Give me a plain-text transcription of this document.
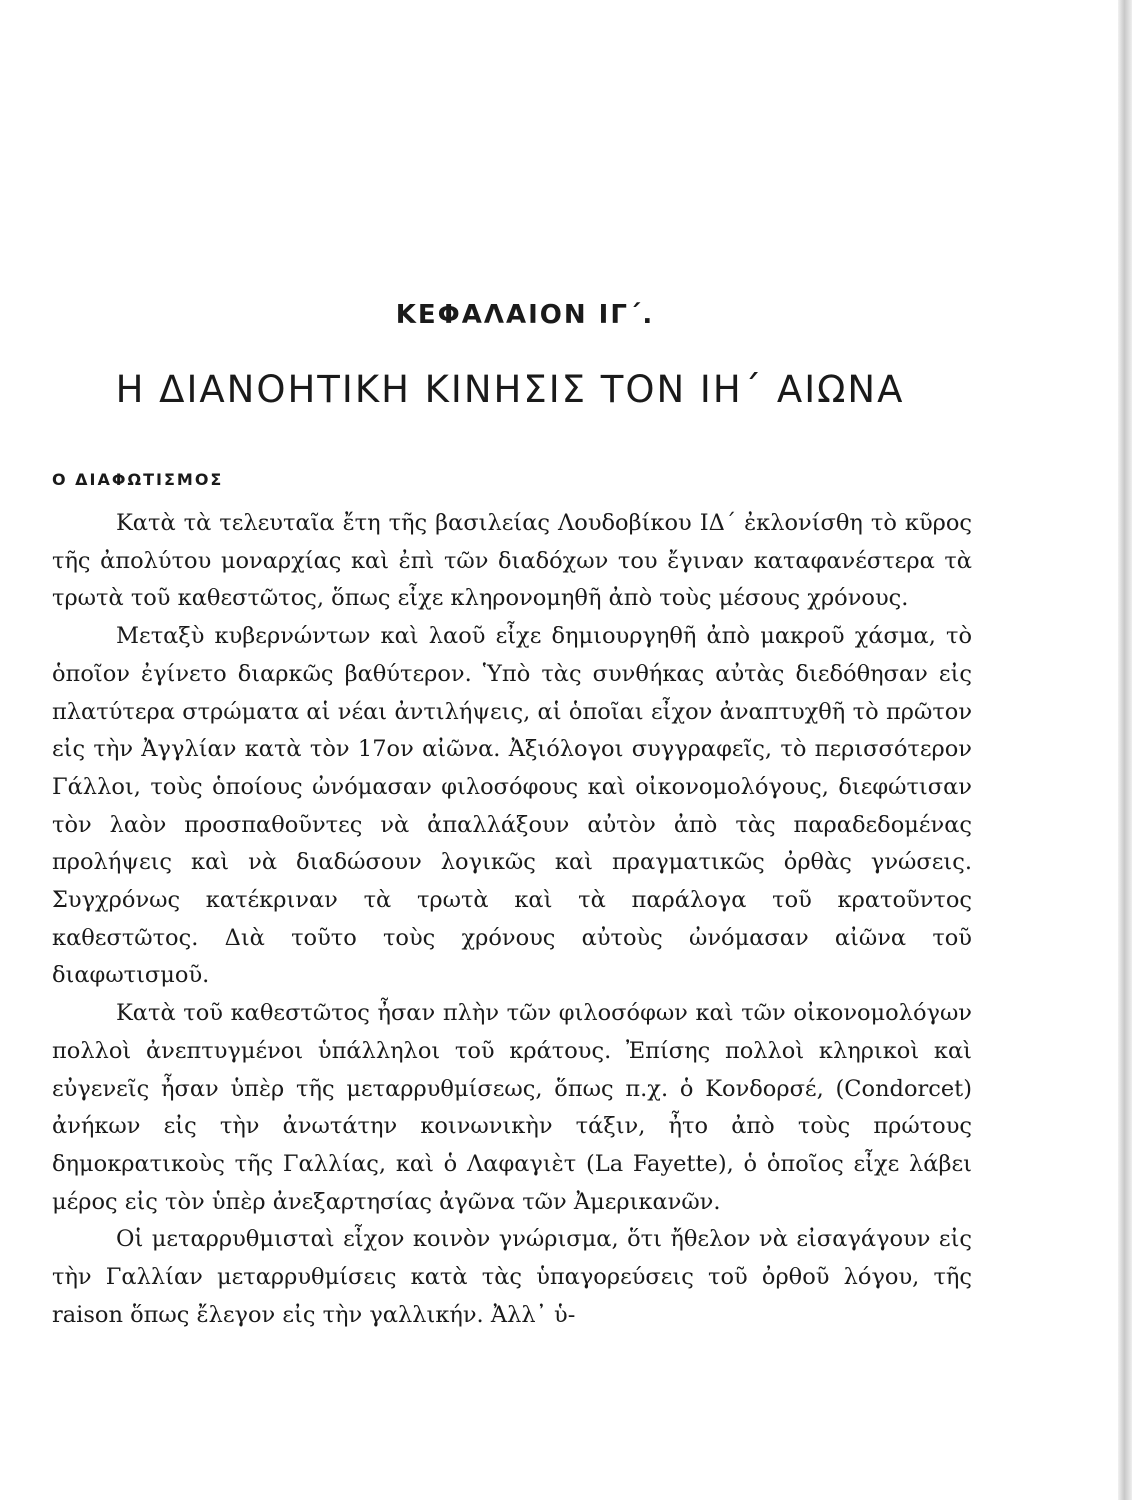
ΚΕΦΑΛΑΙΟΝ ΙΓ΄.
Η ΔΙΑΝΟΗΤΙΚΗ ΚΙΝΗΣΙΣ ΤΟΝ ΙΗ΄ ΑΙΩΝΑ
Ο ΔΙΑΦΩΤΙΣΜΟΣ

Κατὰ τὰ τελευταῖα ἔτη τῆς βασιλείας Λουδοβίκου ΙΔ΄ ἐκλονίσθη τὸ κῦρος τῆς ἀπολύτου μοναρχίας καὶ ἐπὶ τῶν διαδόχων του ἔγιναν καταφανέστερα τὰ τρωτὰ τοῦ καθεστῶτος, ὅπως εἶχε κληρονομηθῆ ἀπὸ τοὺς μέσους χρόνους.

Μεταξὺ κυβερνώντων καὶ λαοῦ εἶχε δημιουργηθῆ ἀπὸ μακροῦ χάσμα, τὸ ὁποῖον ἐγίνετο διαρκῶς βαθύτερον. Ὑπὸ τὰς συνθήκας αὐτὰς διεδόθησαν εἰς πλατύτερα στρώματα αἱ νέαι ἀντιλήψεις, αἱ ὁποῖαι εἶχον ἀναπτυχθῆ τὸ πρῶτον εἰς τὴν Ἀγγλίαν κατὰ τὸν 17ον αἰῶνα. Ἀξιόλογοι συγγραφεῖς, τὸ περισσότερον Γάλλοι, τοὺς ὁποίους ὠνόμασαν φιλοσόφους καὶ οἰκονομολόγους, διεφώτισαν τὸν λαὸν προσπαθοῦντες νὰ ἀπαλλάξουν αὐτὸν ἀπὸ τὰς παραδεδομένας προλήψεις καὶ νὰ διαδώσουν λογικῶς καὶ πραγματικῶς ὀρθὰς γνώσεις. Συγχρόνως κατέκριναν τὰ τρωτὰ καὶ τὰ παράλογα τοῦ κρατοῦντος καθεστῶτος. Διὰ τοῦτο τοὺς χρόνους αὐτοὺς ὠνόμασαν αἰῶνα τοῦ διαφωτισμοῦ.

Κατὰ τοῦ καθεστῶτος ἦσαν πλὴν τῶν φιλοσόφων καὶ τῶν οἰκονομολόγων πολλοὶ ἀνεπτυγμένοι ὑπάλληλοι τοῦ κράτους. Ἐπίσης πολλοὶ κληρικοὶ καὶ εὐγενεῖς ἦσαν ὑπὲρ τῆς μεταρρυθμίσεως, ὅπως π.χ. ὁ Κονδορσέ, (Condorcet) ἀνήκων εἰς τὴν ἀνωτάτην κοινωνικὴν τάξιν, ἦτο ἀπὸ τοὺς πρώτους δημοκρατικοὺς τῆς Γαλλίας, καὶ ὁ Λαφαγιὲτ (La Fayette), ὁ ὁποῖος εἶχε λάβει μέρος εἰς τὸν ὑπὲρ ἀνεξαρτησίας ἀγῶνα τῶν Ἀμερικανῶν.

Οἱ μεταρρυθμισταὶ εἶχον κοινὸν γνώρισμα, ὅτι ἤθελον νὰ εἰσαγάγουν εἰς τὴν Γαλλίαν μεταρρυθμίσεις κατὰ τὰς ὑπαγορεύσεις τοῦ ὀρθοῦ λόγου, τῆς raison ὅπως ἔλεγον εἰς τὴν γαλλικήν. Ἀλλ᾽ ὑ-
